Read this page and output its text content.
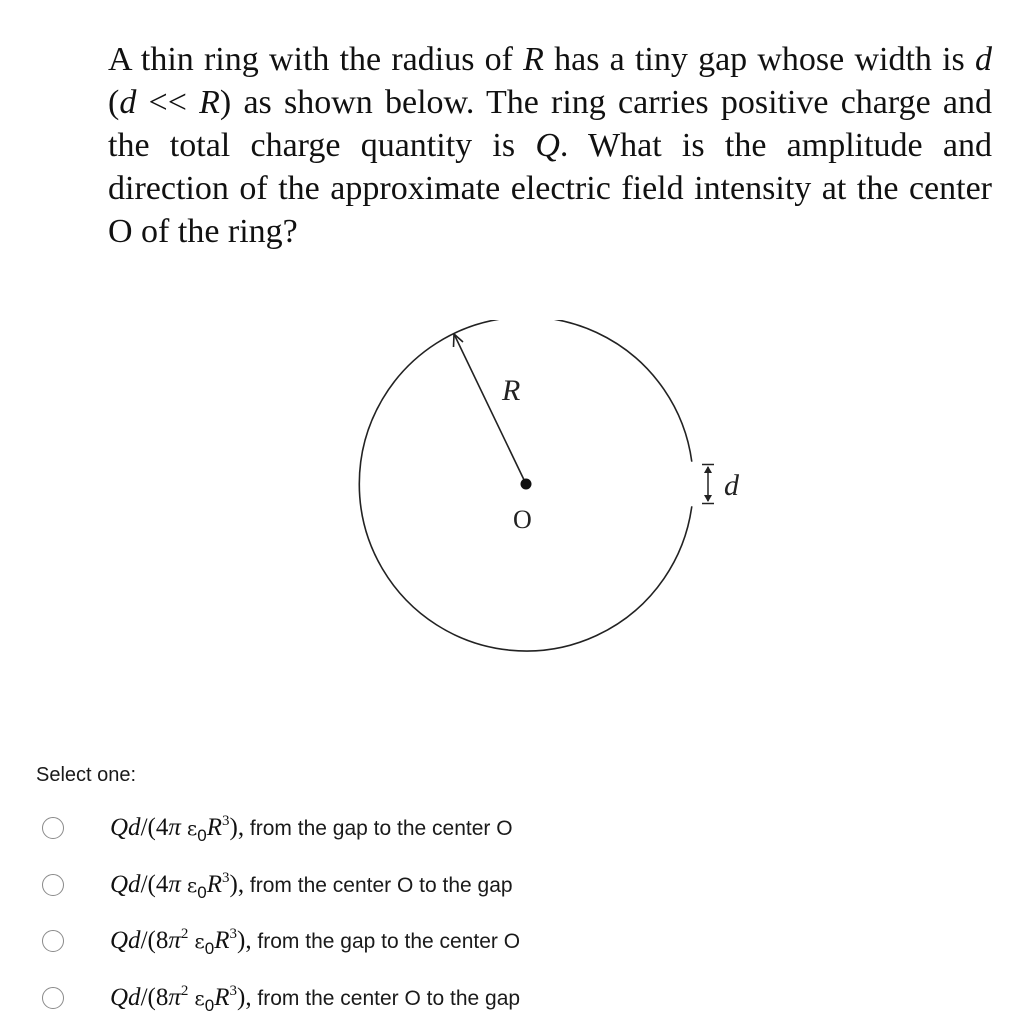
A thin ring with the radius of R has a tiny gap whose width is d (d << R) as shown below. The ring carries positive charge and the total charge quantity is Q. What is the amplitude and direction of the approximate electric field intensity at the center O of the ring?
R
O
d
Select one:
Qd/(4π $\varepsilon_0R^3$), from the gap to the center O
Qd/(4π $\varepsilon_0R^3$), from the center O to the gap
$Qd/(8\pi^2$ $\varepsilon_0R^3$), from the gap to the center O
$Qd/(8\pi^2$ $\varepsilon_0R^3$), from the center O to the gap
